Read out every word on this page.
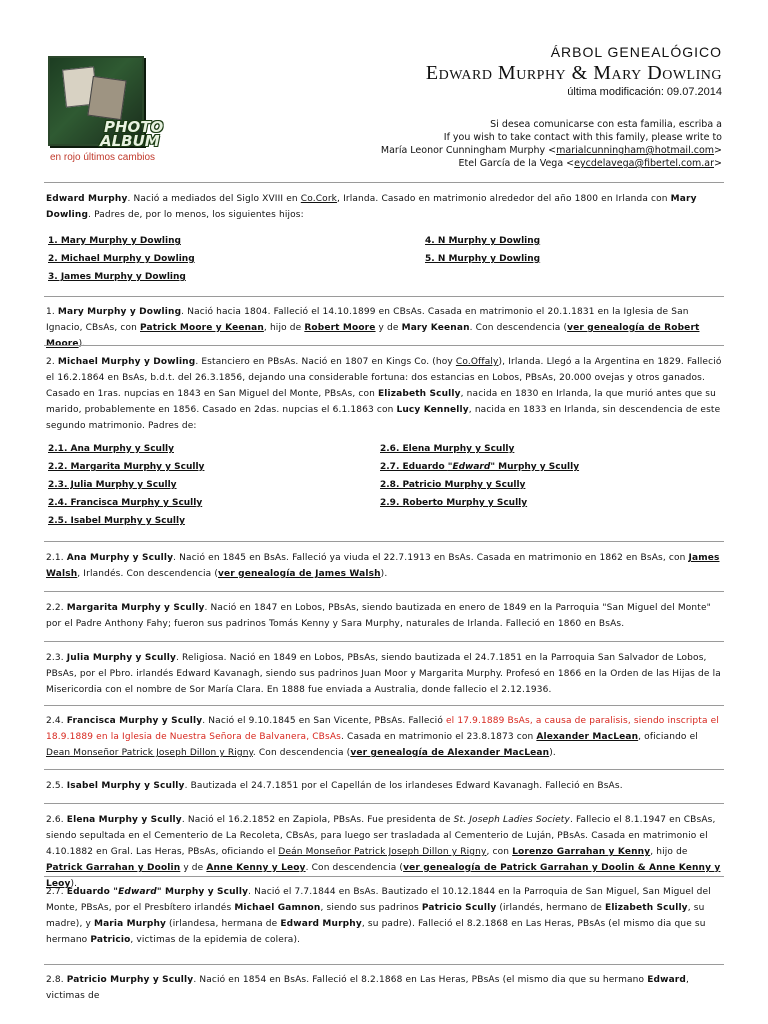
PHOTO
ALBUM
en rojo últimos cambios
ÁRBOL GENEALÓGICO
Edward Murphy & Mary Dowling
última modificación: 09.07.2014
Si desea comunicarse con esta familia, escriba a
If you wish to take contact with this family, please write to
María Leonor Cunningham Murphy <marialcunningham@hotmail.com>
Etel García de la Vega <eycdelavega@fibertel.com.ar>
Edward Murphy. Nació a mediados del Siglo XVIII en Co.Cork, Irlanda. Casado en matrimonio alrededor del año 1800 en Irlanda con Mary Dowling. Padres de, por lo menos, los siguientes hijos:
1. Mary Murphy y Dowling
2. Michael Murphy y Dowling
3. James Murphy y Dowling
4. N Murphy y Dowling
5. N Murphy y Dowling
1. Mary Murphy y Dowling. Nació hacia 1804. Falleció el 14.10.1899 en CBsAs. Casada en matrimonio el 20.1.1831 en la Iglesia de San Ignacio, CBsAs, con Patrick Moore y Keenan, hijo de Robert Moore y de Mary Keenan. Con descendencia (ver genealogía de Robert Moore).
2. Michael Murphy y Dowling. Estanciero en PBsAs. Nació en 1807 en Kings Co. (hoy Co.Offaly), Irlanda. Llegó a la Argentina en 1829. Falleció el 16.2.1864 en BsAs, b.d.t. del 26.3.1856, dejando una considerable fortuna: dos estancias en Lobos, PBsAs, 20.000 ovejas y otros ganados. Casado en 1ras. nupcias en 1843 en San Miguel del Monte, PBsAs, con Elizabeth Scully, nacida en 1830 en Irlanda, la que murió antes que su marido, probablemente en 1856. Casado en 2das. nupcias el 6.1.1863 con Lucy Kennelly, nacida en 1833 en Irlanda, sin descendencia de este segundo matrimonio. Padres de:
2.1. Ana Murphy y Scully
2.2. Margarita Murphy y Scully
2.3. Julia Murphy y Scully
2.4. Francisca Murphy y Scully
2.5. Isabel Murphy y Scully
2.6. Elena Murphy y Scully
2.7. Eduardo "Edward" Murphy y Scully
2.8. Patricio Murphy y Scully
2.9. Roberto Murphy y Scully
2.1. Ana Murphy y Scully. Nació en 1845 en BsAs. Falleció ya viuda el 22.7.1913 en BsAs. Casada en matrimonio en 1862 en BsAs, con James Walsh, Irlandés. Con descendencia (ver genealogía de James Walsh).
2.2. Margarita Murphy y Scully. Nació en 1847 en Lobos, PBsAs, siendo bautizada en enero de 1849 en la Parroquia "San Miguel del Monte" por el Padre Anthony Fahy; fueron sus padrinos Tomás Kenny y Sara Murphy, naturales de Irlanda. Falleció en 1860 en BsAs.
2.3. Julia Murphy y Scully. Religiosa. Nació en 1849 en Lobos, PBsAs, siendo bautizada el 24.7.1851 en la Parroquia San Salvador de Lobos, PBsAs, por el Pbro. irlandés Edward Kavanagh, siendo sus padrinos Juan Moor y Margarita Murphy. Profesó en 1866 en la Orden de las Hijas de la Misericordia con el nombre de Sor María Clara. En 1888 fue enviada a Australia, donde fallecio el 2.12.1936.
2.4. Francisca Murphy y Scully. Nació el 9.10.1845 en San Vicente, PBsAs. Falleció el 17.9.1889 BsAs, a causa de paralisis, siendo inscripta el 18.9.1889 en la Iglesia de Nuestra Señora de Balvanera, CBsAs. Casada en matrimonio el 23.8.1873 con Alexander MacLean, oficiando el Dean Monseñor Patrick Joseph Dillon y Rigny. Con descendencia (ver genealogía de Alexander MacLean).
2.5. Isabel Murphy y Scully. Bautizada el 24.7.1851 por el Capellán de los irlandeses Edward Kavanagh. Falleció en BsAs.
2.6. Elena Murphy y Scully. Nació el 16.2.1852 en Zapiola, PBsAs. Fue presidenta de St. Joseph Ladies Society. Fallecio el 8.1.1947 en CBsAs, siendo sepultada en el Cementerio de La Recoleta, CBsAs, para luego ser trasladada al Cementerio de Luján, PBsAs. Casada en matrimonio el 4.10.1882 en Gral. Las Heras, PBsAs, oficiando el Deán Monseñor Patrick Joseph Dillon y Rigny, con Lorenzo Garrahan y Kenny, hijo de Patrick Garrahan y Doolin y de Anne Kenny y Leoy. Con descendencia (ver genealogía de Patrick Garrahan y Doolin & Anne Kenny y Leoy).
2.7. Eduardo "Edward" Murphy y Scully. Nació el 7.7.1844 en BsAs. Bautizado el 10.12.1844 en la Parroquia de San Miguel, San Miguel del Monte, PBsAs, por el Presbítero irlandés Michael Gamnon, siendo sus padrinos Patricio Scully (irlandés, hermano de Elizabeth Scully, su madre), y Maria Murphy (irlandesa, hermana de Edward Murphy, su padre). Falleció el 8.2.1868 en Las Heras, PBsAs (el mismo dia que su hermano Patricio, victimas de la epidemia de colera).
2.8. Patricio Murphy y Scully. Nació en 1854 en BsAs. Falleció el 8.2.1868 en Las Heras, PBsAs (el mismo dia que su hermano Edward, victimas de
